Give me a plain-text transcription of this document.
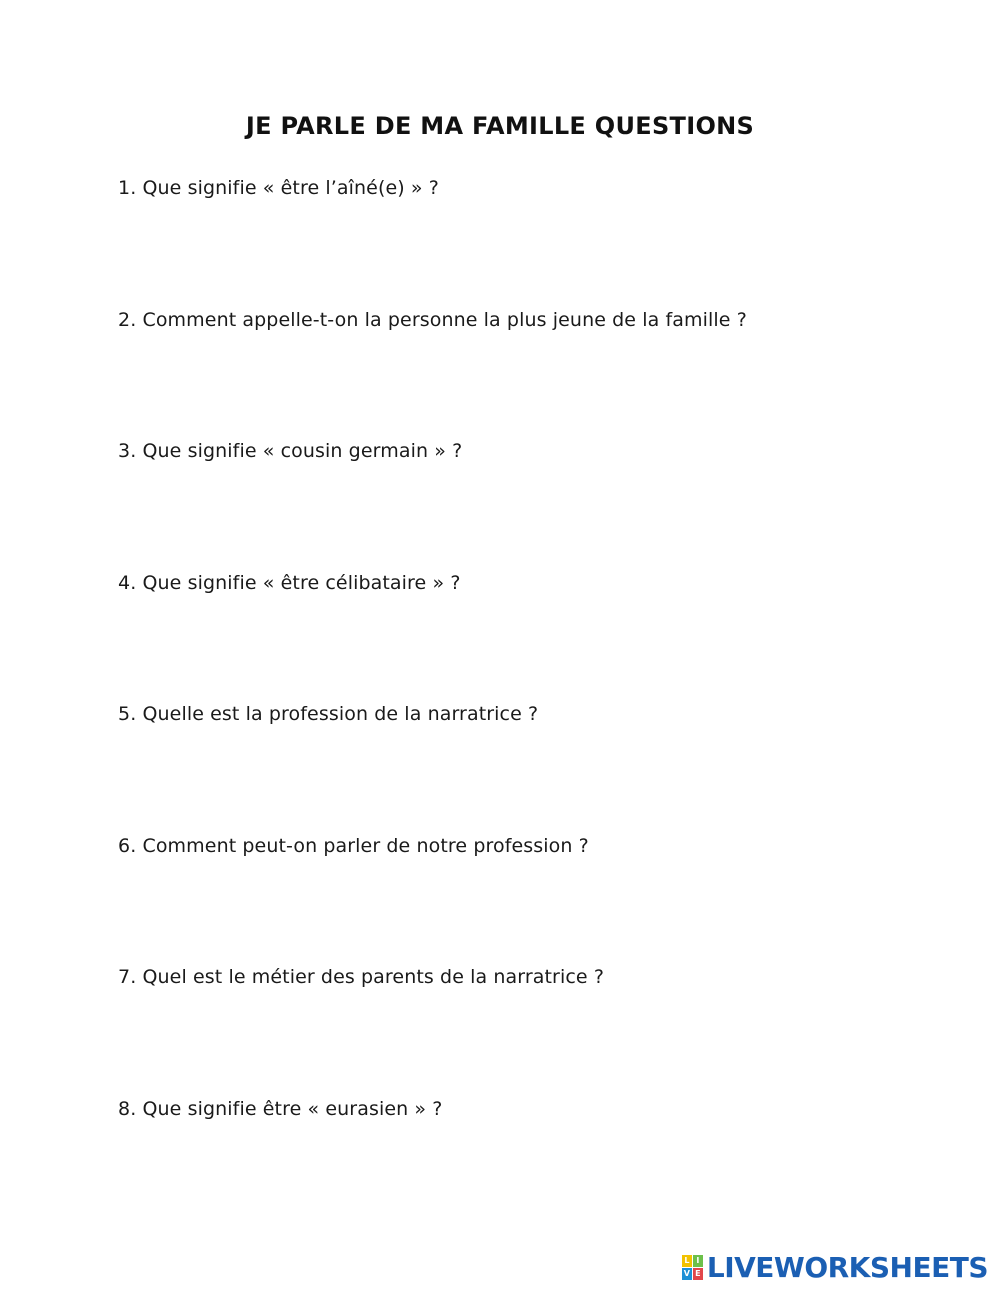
JE PARLE DE MA FAMILLE QUESTIONS
1. Que signifie « être l’aîné(e) » ?
2. Comment appelle-t-on la personne la plus jeune de la famille ?
3. Que signifie « cousin germain » ?
4. Que signifie « être célibataire » ?
5. Quelle est la profession de la narratrice ?
6. Comment peut-on parler de notre profession ?
7. Quel est le métier des parents de la narratrice ?
8. Que signifie être « eurasien » ?
L I
V E LIVEWORKSHEETS
